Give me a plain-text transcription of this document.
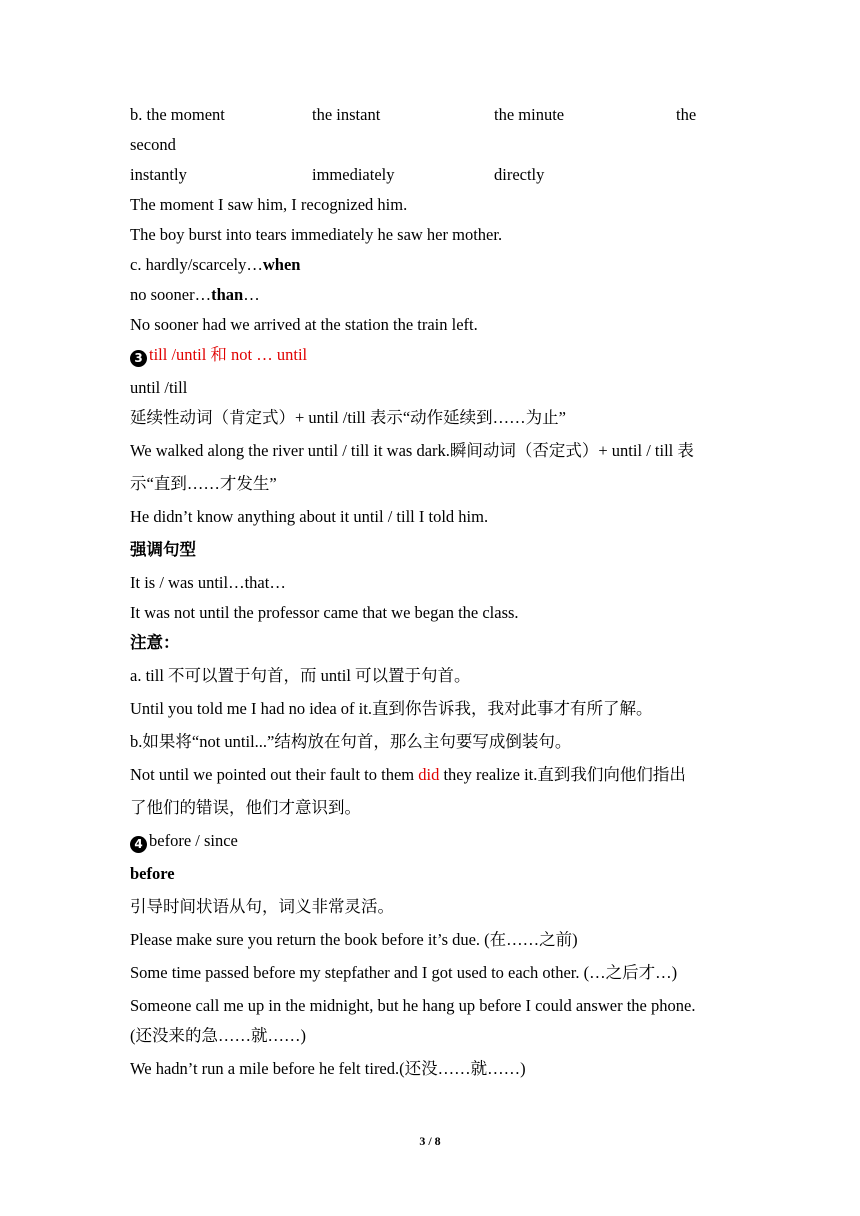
b. the moment	the instant	the minute	the
second
instantly	immediately	directly
The moment I saw him, I recognized him.
The boy burst into tears immediately he saw her mother.
c. hardly/scarcely…when
no sooner…than…
No sooner had we arrived at the station the train left.
3 till /until 和 not … until
until /till
延续性动词（肯定式）+ until /till 表示“动作延续到……为止”
We walked along the river until / till it was dark.瞬间动词（否定式）+ until / till 表
示“直到……才发生”
He didn’t know anything about it until / till I told him.
强调句型
It is / was until…that…
It was not until the professor came that we began the class.
注意：
a. till 不可以置于句首，而 until 可以置于句首。
Until you told me I had no idea of it.直到你告诉我，我对此事才有所了解。
b.如果将“not until...”结构放在句首，那么主句要写成倒装句。
Not until we pointed out their fault to them did they realize it.直到我们向他们指出
了他们的错误，他们才意识到。
4 before / since
before
引导时间状语从句，词义非常灵活。
Please make sure you return the book before it’s due. (在……之前)
Some time passed before my stepfather and I got used to each other. (…之后才…)
Someone call me up in the midnight, but he hang up before I could answer the phone.
(还没来的急……就……)
We hadn’t run a mile before he felt tired.(还没……就……)
3 / 8
